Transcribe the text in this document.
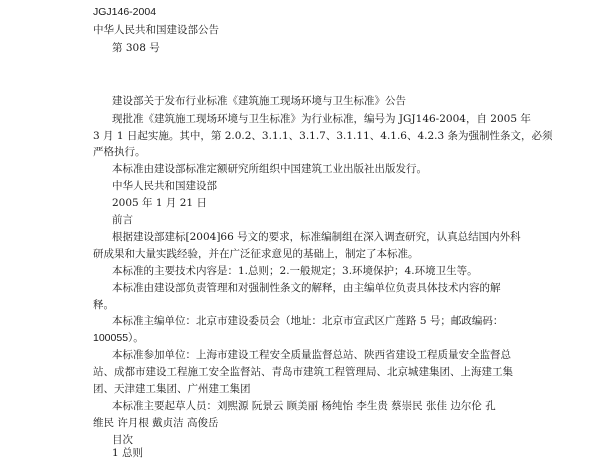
JGJ146-2004

中华人民共和国建设部公告

第 308 号

建设部关于发布行业标准《建筑施工现场环境与卫生标准》公告

现批准《建筑施工现场环境与卫生标准》为行业标准，编号为 JGJ146-2004，自 2005 年

3 月 1 日起实施。其中，第 2.0.2、3.1.1、3.1.7、3.1.11、4.1.6、4.2.3 条为强制性条文，必须

严格执行。

本标准由建设部标准定额研究所组织中国建筑工业出版社出版发行。

中华人民共和国建设部

2005 年 1 月 21 日

前言

根据建设部建标[2004]66 号文的要求，标准编制组在深入调查研究，认真总结国内外科

研成果和大量实践经验，并在广泛征求意见的基础上，制定了本标准。

本标准的主要技术内容是：1.总则；2.一般规定；3.环境保护；4.环境卫生等。

本标准由建设部负责管理和对强制性条文的解释，由主编单位负责具体技术内容的解

释。

本标准主编单位：北京市建设委员会（地址：北京市宣武区广莲路 5 号；邮政编码：

100055）。

本标准参加单位：上海市建设工程安全质量监督总站、陕西省建设工程质量安全监督总

站、成都市建设工程施工安全监督站、青岛市建筑工程管理局、北京城建集团、上海建工集

团、天津建工集团、广州建工集团

本标准主要起草人员：刘熙源 阮景云 顾美丽 杨纯怡 李生贵 蔡崇民 张佳 边尔伦 孔

维民 许月根 戴贞洁 高俊岳

目次

1 总则
